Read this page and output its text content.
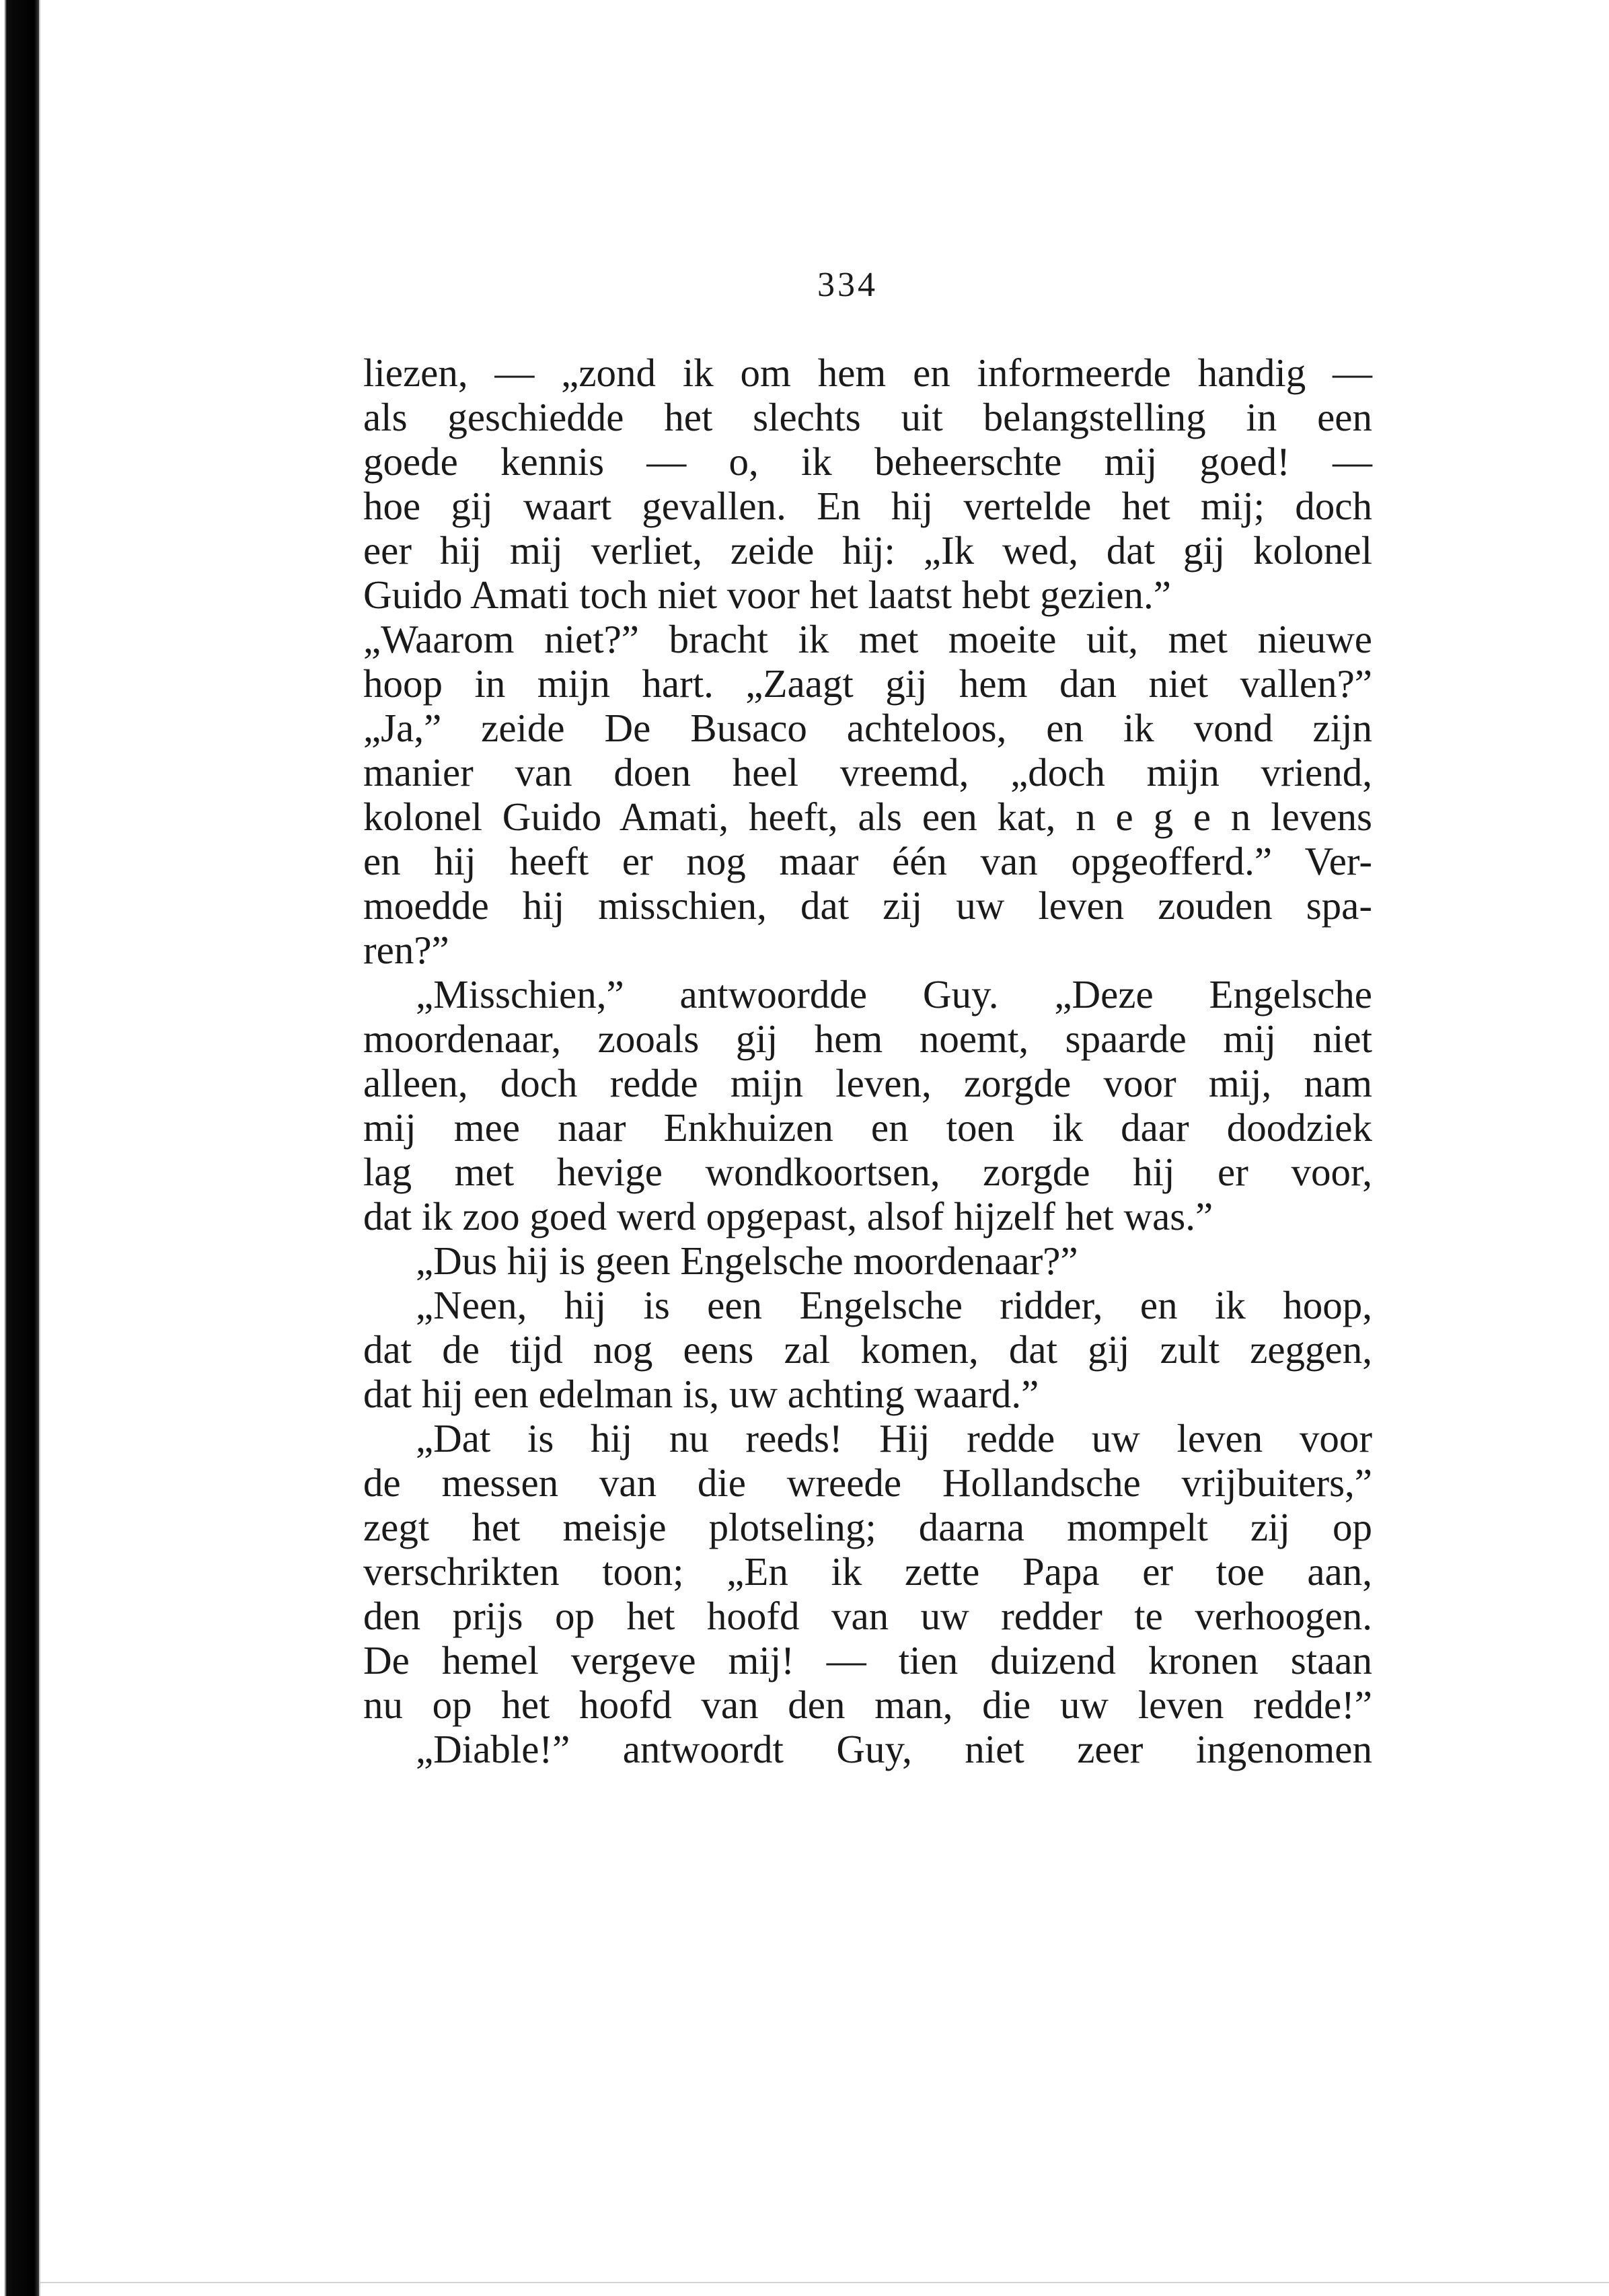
334
liezen, — „zond ik om hem en informeerde handig —
als geschiedde het slechts uit belangstelling in een
goede kennis — o, ik beheerschte mij goed! —
hoe gij waart gevallen. En hij vertelde het mij; doch
eer hij mij verliet, zeide hij: „Ik wed, dat gij kolonel
Guido Amati toch niet voor het laatst hebt gezien.”
„Waarom niet?” bracht ik met moeite uit, met nieuwe
hoop in mijn hart. „Zaagt gij hem dan niet vallen?”
„Ja,” zeide De Busaco achteloos, en ik vond zijn
manier van doen heel vreemd, „doch mijn vriend,
kolonel Guido Amati, heeft, als een kat, n e g e n levens
en hij heeft er nog maar één van opgeofferd.” Ver-
moedde hij misschien, dat zij uw leven zouden spa-
ren?”
„Misschien,” antwoordde Guy. „Deze Engelsche
moordenaar, zooals gij hem noemt, spaarde mij niet
alleen, doch redde mijn leven, zorgde voor mij, nam
mij mee naar Enkhuizen en toen ik daar doodziek
lag met hevige wondkoortsen, zorgde hij er voor,
dat ik zoo goed werd opgepast, alsof hijzelf het was.”
„Dus hij is geen Engelsche moordenaar?”
„Neen, hij is een Engelsche ridder, en ik hoop,
dat de tijd nog eens zal komen, dat gij zult zeggen,
dat hij een edelman is, uw achting waard.”
„Dat is hij nu reeds! Hij redde uw leven voor
de messen van die wreede Hollandsche vrijbuiters,”
zegt het meisje plotseling; daarna mompelt zij op
verschrikten toon; „En ik zette Papa er toe aan,
den prijs op het hoofd van uw redder te verhoogen.
De hemel vergeve mij! — tien duizend kronen staan
nu op het hoofd van den man, die uw leven redde!”
„Diable!” antwoordt Guy, niet zeer ingenomen
